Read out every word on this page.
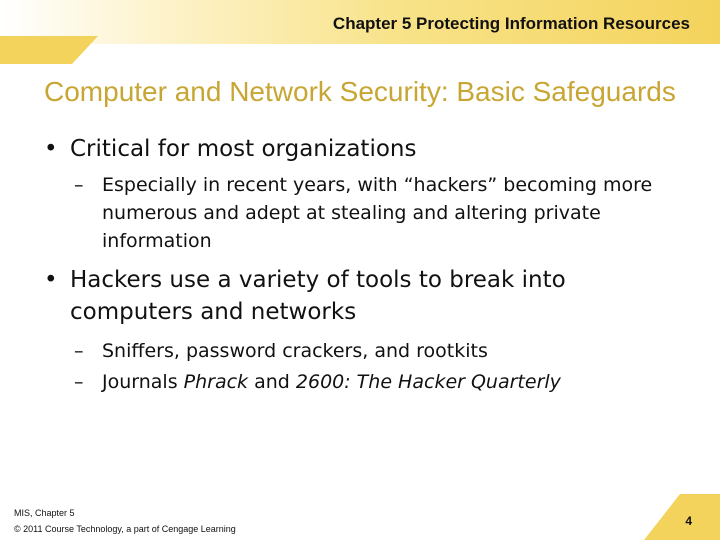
Chapter 5 Protecting Information Resources
Computer and Network Security: Basic Safeguards
• Critical for most organizations
– Especially in recent years, with “hackers” becoming more numerous and adept at stealing and altering private information
• Hackers use a variety of tools to break into computers and networks
– Sniffers, password crackers, and rootkits
– Journals Phrack and 2600: The Hacker Quarterly
MIS, Chapter 5
© 2011 Course Technology, a part of Cengage Learning
4
